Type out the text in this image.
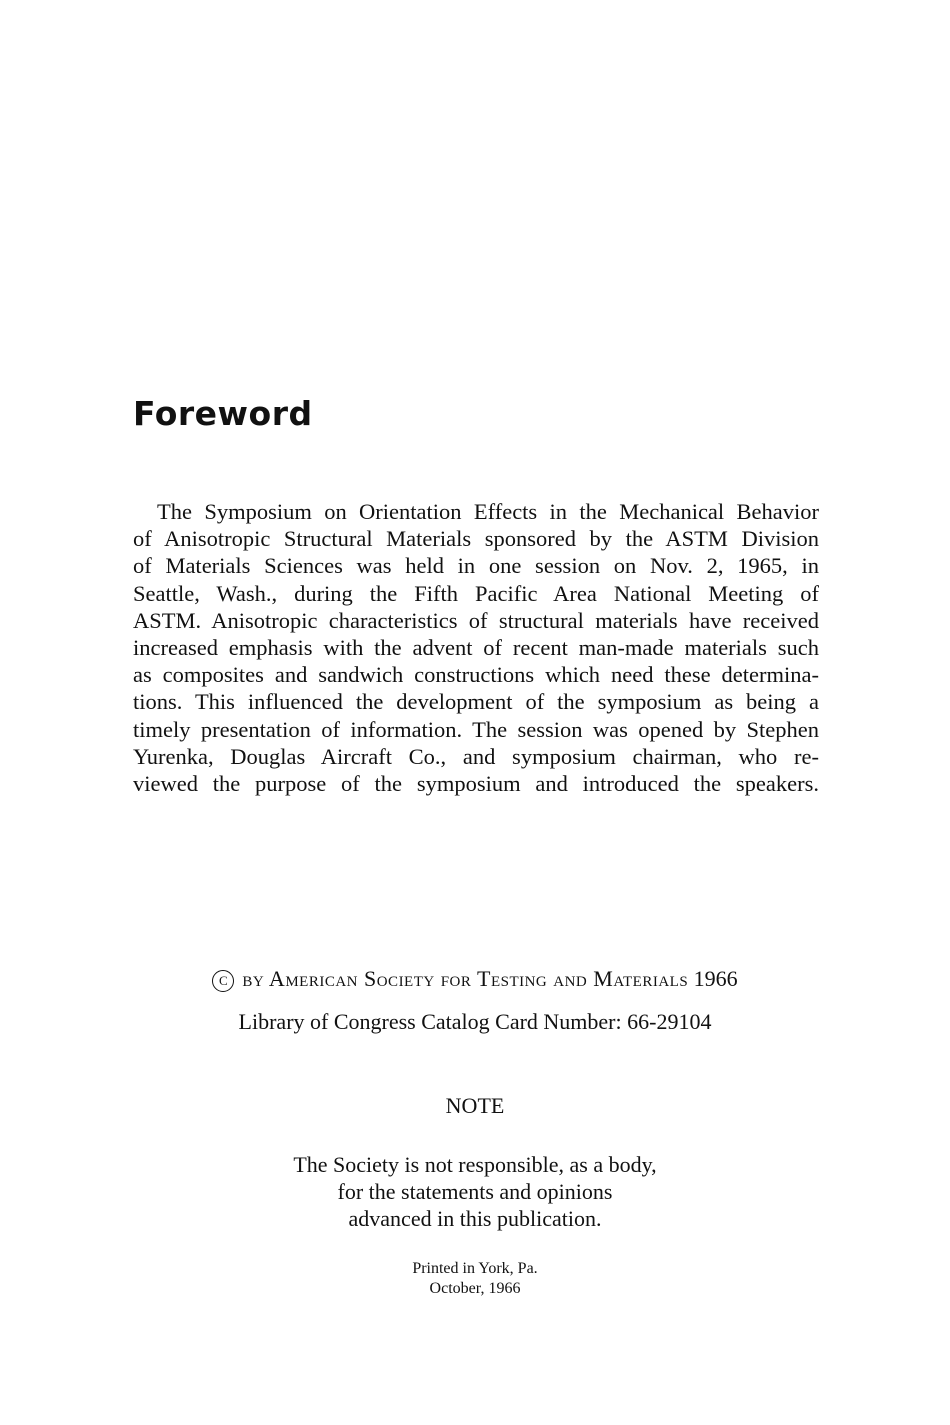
Foreword

The Symposium on Orientation Effects in the Mechanical Behavior
of Anisotropic Structural Materials sponsored by the ASTM Division
of Materials Sciences was held in one session on Nov. 2, 1965, in
Seattle, Wash., during the Fifth Pacific Area National Meeting of
ASTM. Anisotropic characteristics of structural materials have received
increased emphasis with the advent of recent man-made materials such
as composites and sandwich constructions which need these determina-
tions. This influenced the development of the symposium as being a
timely presentation of information. The session was opened by Stephen
Yurenka, Douglas Aircraft Co., and symposium chairman, who re-
viewed the purpose of the symposium and introduced the speakers.

C by American Society for Testing and Materials 1966

Library of Congress Catalog Card Number: 66-29104

NOTE

The Society is not responsible, as a body,
for the statements and opinions
advanced in this publication.

Printed in York, Pa.
October, 1966
